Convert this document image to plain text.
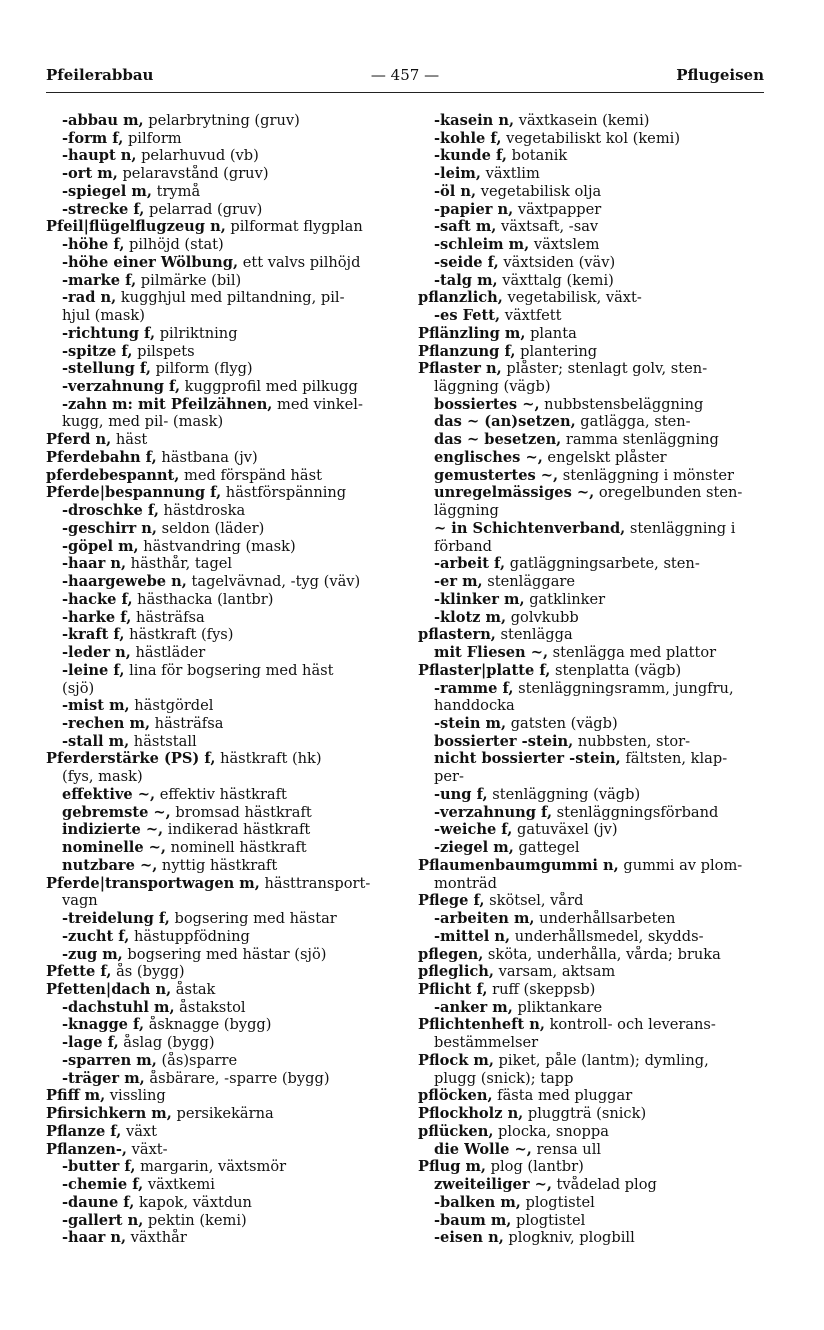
Pfeilerabbau	— 457 —	Pflugeisen
-abbau m, pelarbrytning (gruv)
-form f, pilform
-haupt n, pelarhuvud (vb)
-ort m, pelaravstånd (gruv)
-spiegel m, trymå
-strecke f, pelarrad (gruv)
Pfeil|flügelflugzeug n, pilformat flygplan
-höhe f, pilhöjd (stat)
-höhe einer Wölbung, ett valvs pilhöjd
-marke f, pilmärke (bil)
-rad n, kugghjul med piltandning, pil-
hjul (mask)
-richtung f, pilriktning
-spitze f, pilspets
-stellung f, pilform (flyg)
-verzahnung f, kuggprofil med pilkugg
-zahn m: mit Pfeilzähnen, med vinkel-
kugg, med pil- (mask)
Pferd n, häst
Pferdebahn f, hästbana (jv)
pferdebespannt, med förspänd häst
Pferde|bespannung f, hästförspänning
-droschke f, hästdroska
-geschirr n, seldon (läder)
-göpel m, hästvandring (mask)
-haar n, hästhår, tagel
-haargewebe n, tagelvävnad, -tyg (väv)
-hacke f, hästhacka (lantbr)
-harke f, hästräfsa
-kraft f, hästkraft (fys)
-leder n, hästläder
-leine f, lina för bogsering med häst
(sjö)
-mist m, hästgördel
-rechen m, hästräfsa
-stall m, häststall
Pferderstärke (PS) f, hästkraft (hk)
(fys, mask)
effektive ~, effektiv hästkraft
gebremste ~, bromsad hästkraft
indizierte ~, indikerad hästkraft
nominelle ~, nominell hästkraft
nutzbare ~, nyttig hästkraft
Pferde|transportwagen m, hästtransport-
vagn
-treidelung f, bogsering med hästar
-zucht f, hästuppfödning
-zug m, bogsering med hästar (sjö)
Pfette f, ås (bygg)
Pfetten|dach n, åstak
-dachstuhl m, åstakstol
-knagge f, åsknagge (bygg)
-lage f, åslag (bygg)
-sparren m, (ås)sparre
-träger m, åsbärare, -sparre (bygg)
Pfiff m, vissling
Pfirsichkern m, persikekärna
Pflanze f, växt
Pflanzen-, växt-
-butter f, margarin, växtsmör
-chemie f, växtkemi
-daune f, kapok, växtdun
-gallert n, pektin (kemi)
-haar n, växthår
-kasein n, växtkasein (kemi)
-kohle f, vegetabiliskt kol (kemi)
-kunde f, botanik
-leim, växtlim
-öl n, vegetabilisk olja
-papier n, växtpapper
-saft m, växtsaft, -sav
-schleim m, växtslem
-seide f, växtsiden (väv)
-talg m, växttalg (kemi)
pflanzlich, vegetabilisk, växt-
-es Fett, växtfett
Pflänzling m, planta
Pflanzung f, plantering
Pflaster n, plåster; stenlagt golv, sten-
läggning (vägb)
bossiertes ~, nubbstensbeläggning
das ~ (an)setzen, gatlägga, sten-
das ~ besetzen, ramma stenläggning
englisches ~, engelskt plåster
gemustertes ~, stenläggning i mönster
unregelmässiges ~, oregelbunden sten-
läggning
~ in Schichtenverband, stenläggning i
förband
-arbeit f, gatläggningsarbete, sten-
-er m, stenläggare
-klinker m, gatklinker
-klotz m, golvkubb
pflastern, stenlägga
mit Fliesen ~, stenlägga med plattor
Pflaster|platte f, stenplatta (vägb)
-ramme f, stenläggningsramm, jungfru,
handdocka
-stein m, gatsten (vägb)
bossierter -stein, nubbsten, stor-
nicht bossierter -stein, fältsten, klap-
per-
-ung f, stenläggning (vägb)
-verzahnung f, stenläggningsförband
-weiche f, gatuväxel (jv)
-ziegel m, gattegel
Pflaumenbaumgummi n, gummi av plom-
monträd
Pflege f, skötsel, vård
-arbeiten m, underhållsarbeten
-mittel n, underhållsmedel, skydds-
pflegen, sköta, underhålla, vårda; bruka
pfleglich, varsam, aktsam
Pflicht f, ruff (skeppsb)
-anker m, pliktankare
Pflichtenheft n, kontroll- och leverans-
bestämmelser
Pflock m, piket, påle (lantm); dymling,
plugg (snick); tapp
pflöcken, fästa med pluggar
Pflockholz n, pluggträ (snick)
pflücken, plocka, snoppa
die Wolle ~, rensa ull
Pflug m, plog (lantbr)
zweiteiliger ~, tvådelad plog
-balken m, plogtistel
-baum m, plogtistel
-eisen n, plogkniv, plogbill
